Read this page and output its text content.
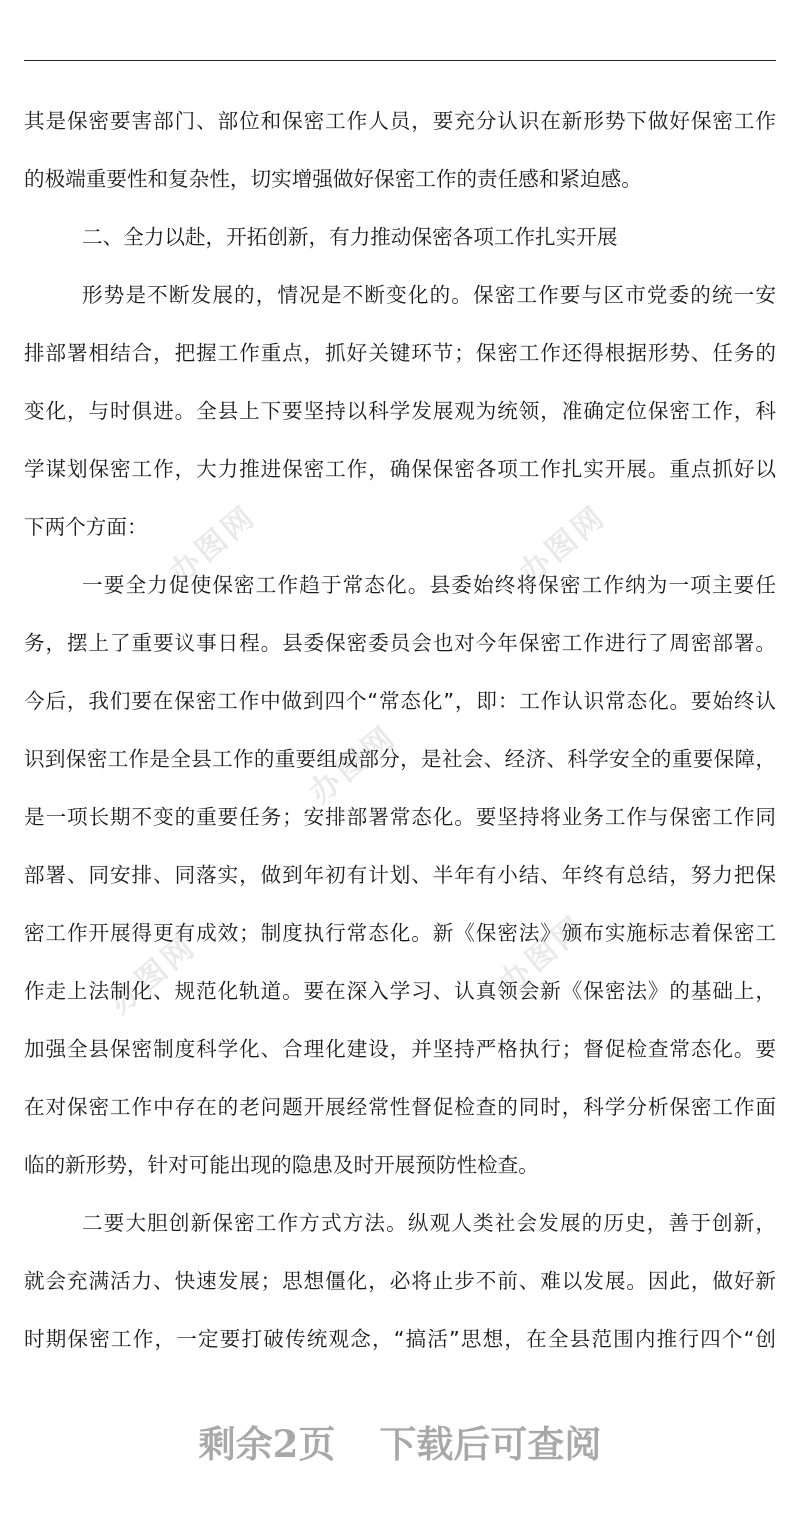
办图网	办图网
办图网
办图网	办图网
其是保密要害部门、部位和保密工作人员，要充分认识在新形势下做好保密工作
的极端重要性和复杂性，切实增强做好保密工作的责任感和紧迫感。
二、全力以赴，开拓创新，有力推动保密各项工作扎实开展
形势是不断发展的，情况是不断变化的。保密工作要与区市党委的统一安
排部署相结合，把握工作重点，抓好关键环节；保密工作还得根据形势、任务的
变化，与时俱进。全县上下要坚持以科学发展观为统领，准确定位保密工作，科
学谋划保密工作，大力推进保密工作，确保保密各项工作扎实开展。重点抓好以
下两个方面：
一要全力促使保密工作趋于常态化。县委始终将保密工作纳为一项主要任
务，摆上了重要议事日程。县委保密委员会也对今年保密工作进行了周密部署。
今后，我们要在保密工作中做到四个“常态化”，即：工作认识常态化。要始终认
识到保密工作是全县工作的重要组成部分，是社会、经济、科学安全的重要保障，
是一项长期不变的重要任务；安排部署常态化。要坚持将业务工作与保密工作同
部署、同安排、同落实，做到年初有计划、半年有小结、年终有总结，努力把保
密工作开展得更有成效；制度执行常态化。新《保密法》颁布实施标志着保密工
作走上法制化、规范化轨道。要在深入学习、认真领会新《保密法》的基础上，
加强全县保密制度科学化、合理化建设，并坚持严格执行；督促检查常态化。要
在对保密工作中存在的老问题开展经常性督促检查的同时，科学分析保密工作面
临的新形势，针对可能出现的隐患及时开展预防性检查。
二要大胆创新保密工作方式方法。纵观人类社会发展的历史，善于创新，
就会充满活力、快速发展；思想僵化，必将止步不前、难以发展。因此，做好新
时期保密工作，一定要打破传统观念，“搞活”思想，在全县范围内推行四个“创
剩余2页 下载后可查阅
